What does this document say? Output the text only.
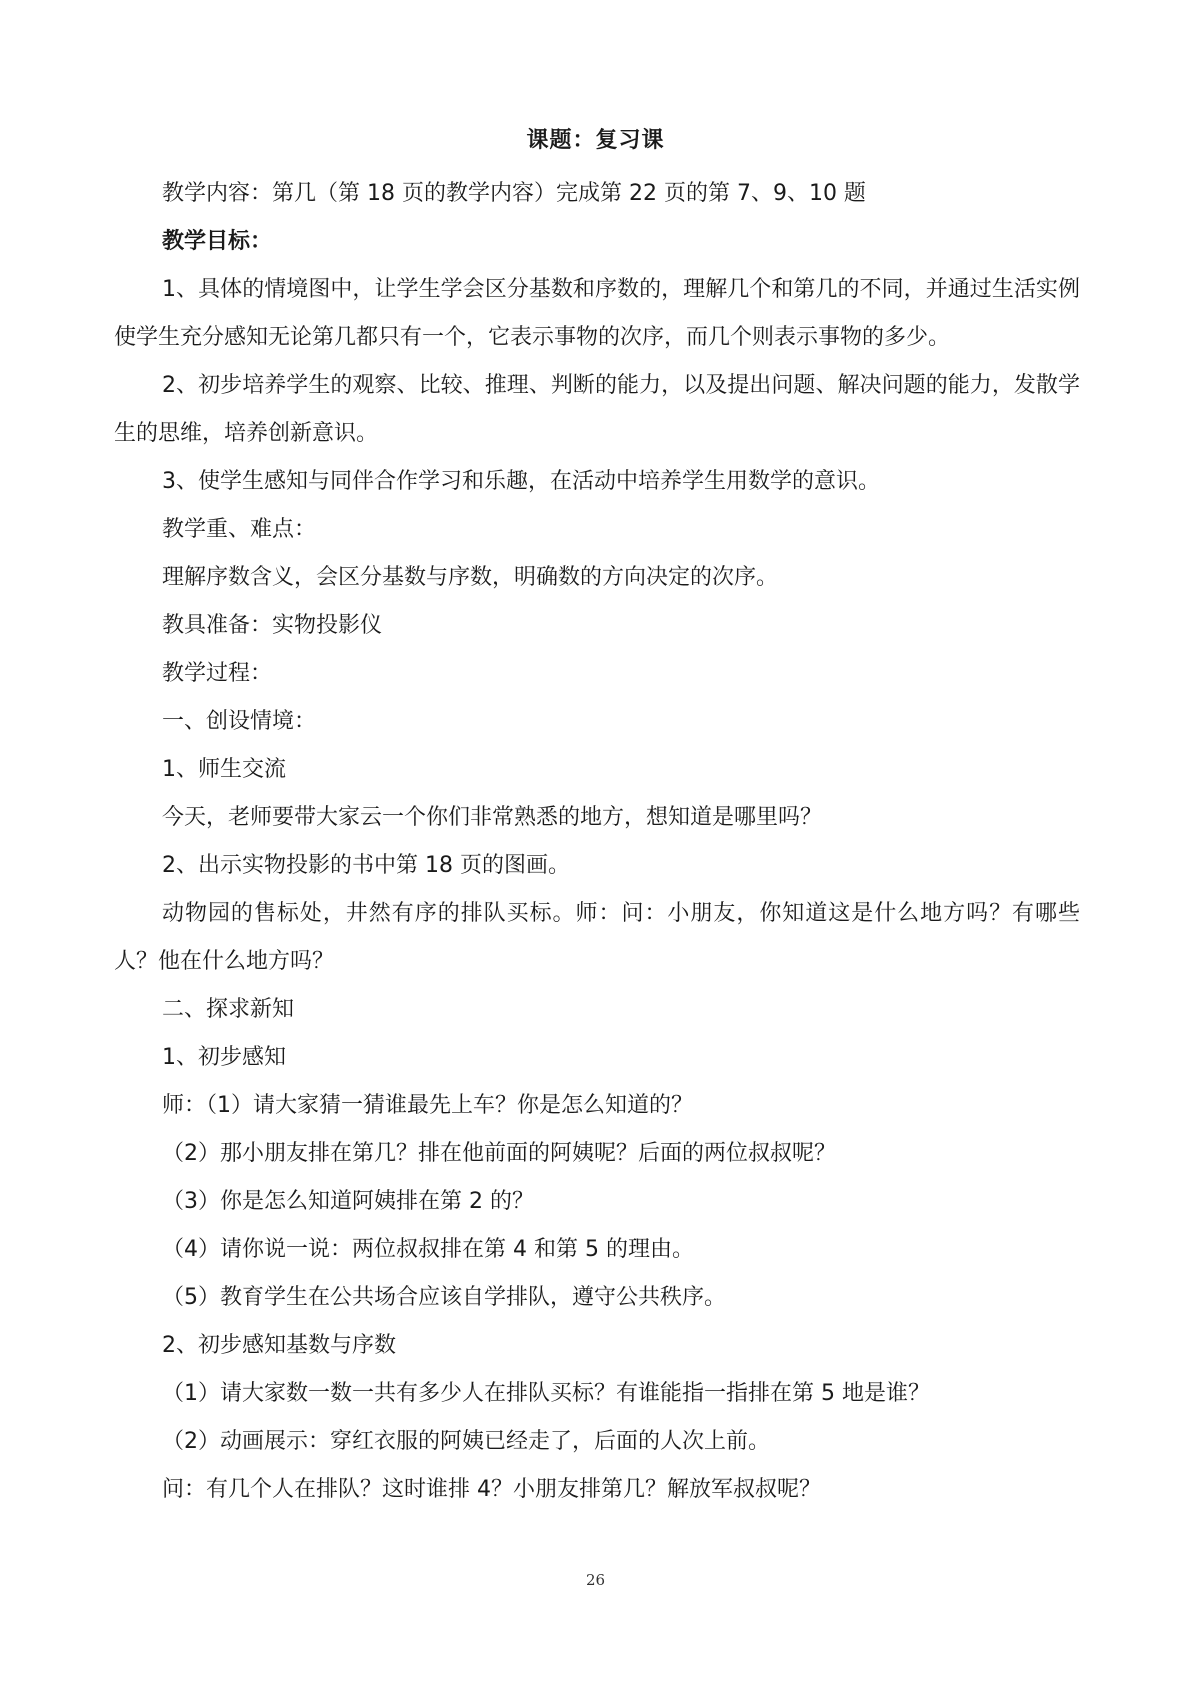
课题：复习课

教学内容：第几（第 18 页的教学内容）完成第 22 页的第 7、9、10 题

教学目标：

1、具体的情境图中，让学生学会区分基数和序数的，理解几个和第几的不同，并通过生活实例使学生充分感知无论第几都只有一个，它表示事物的次序，而几个则表示事物的多少。

2、初步培养学生的观察、比较、推理、判断的能力，以及提出问题、解决问题的能力，发散学生的思维，培养创新意识。

3、使学生感知与同伴合作学习和乐趣，在活动中培养学生用数学的意识。

教学重、难点：

理解序数含义，会区分基数与序数，明确数的方向决定的次序。

教具准备：实物投影仪

教学过程：

一、创设情境：

1、师生交流

今天，老师要带大家云一个你们非常熟悉的地方，想知道是哪里吗？

2、出示实物投影的书中第 18 页的图画。

动物园的售标处，井然有序的排队买标。师：问：小朋友，你知道这是什么地方吗？有哪些人？他在什么地方吗？

二、探求新知

1、初步感知

师：（1）请大家猜一猜谁最先上车？你是怎么知道的？

（2）那小朋友排在第几？排在他前面的阿姨呢？后面的两位叔叔呢？

（3）你是怎么知道阿姨排在第 2 的？

（4）请你说一说：两位叔叔排在第 4 和第 5 的理由。

（5）教育学生在公共场合应该自学排队，遵守公共秩序。

2、初步感知基数与序数

（1）请大家数一数一共有多少人在排队买标？有谁能指一指排在第 5 地是谁？

（2）动画展示：穿红衣服的阿姨已经走了，后面的人次上前。

问：有几个人在排队？这时谁排 4？小朋友排第几？解放军叔叔呢？

26
